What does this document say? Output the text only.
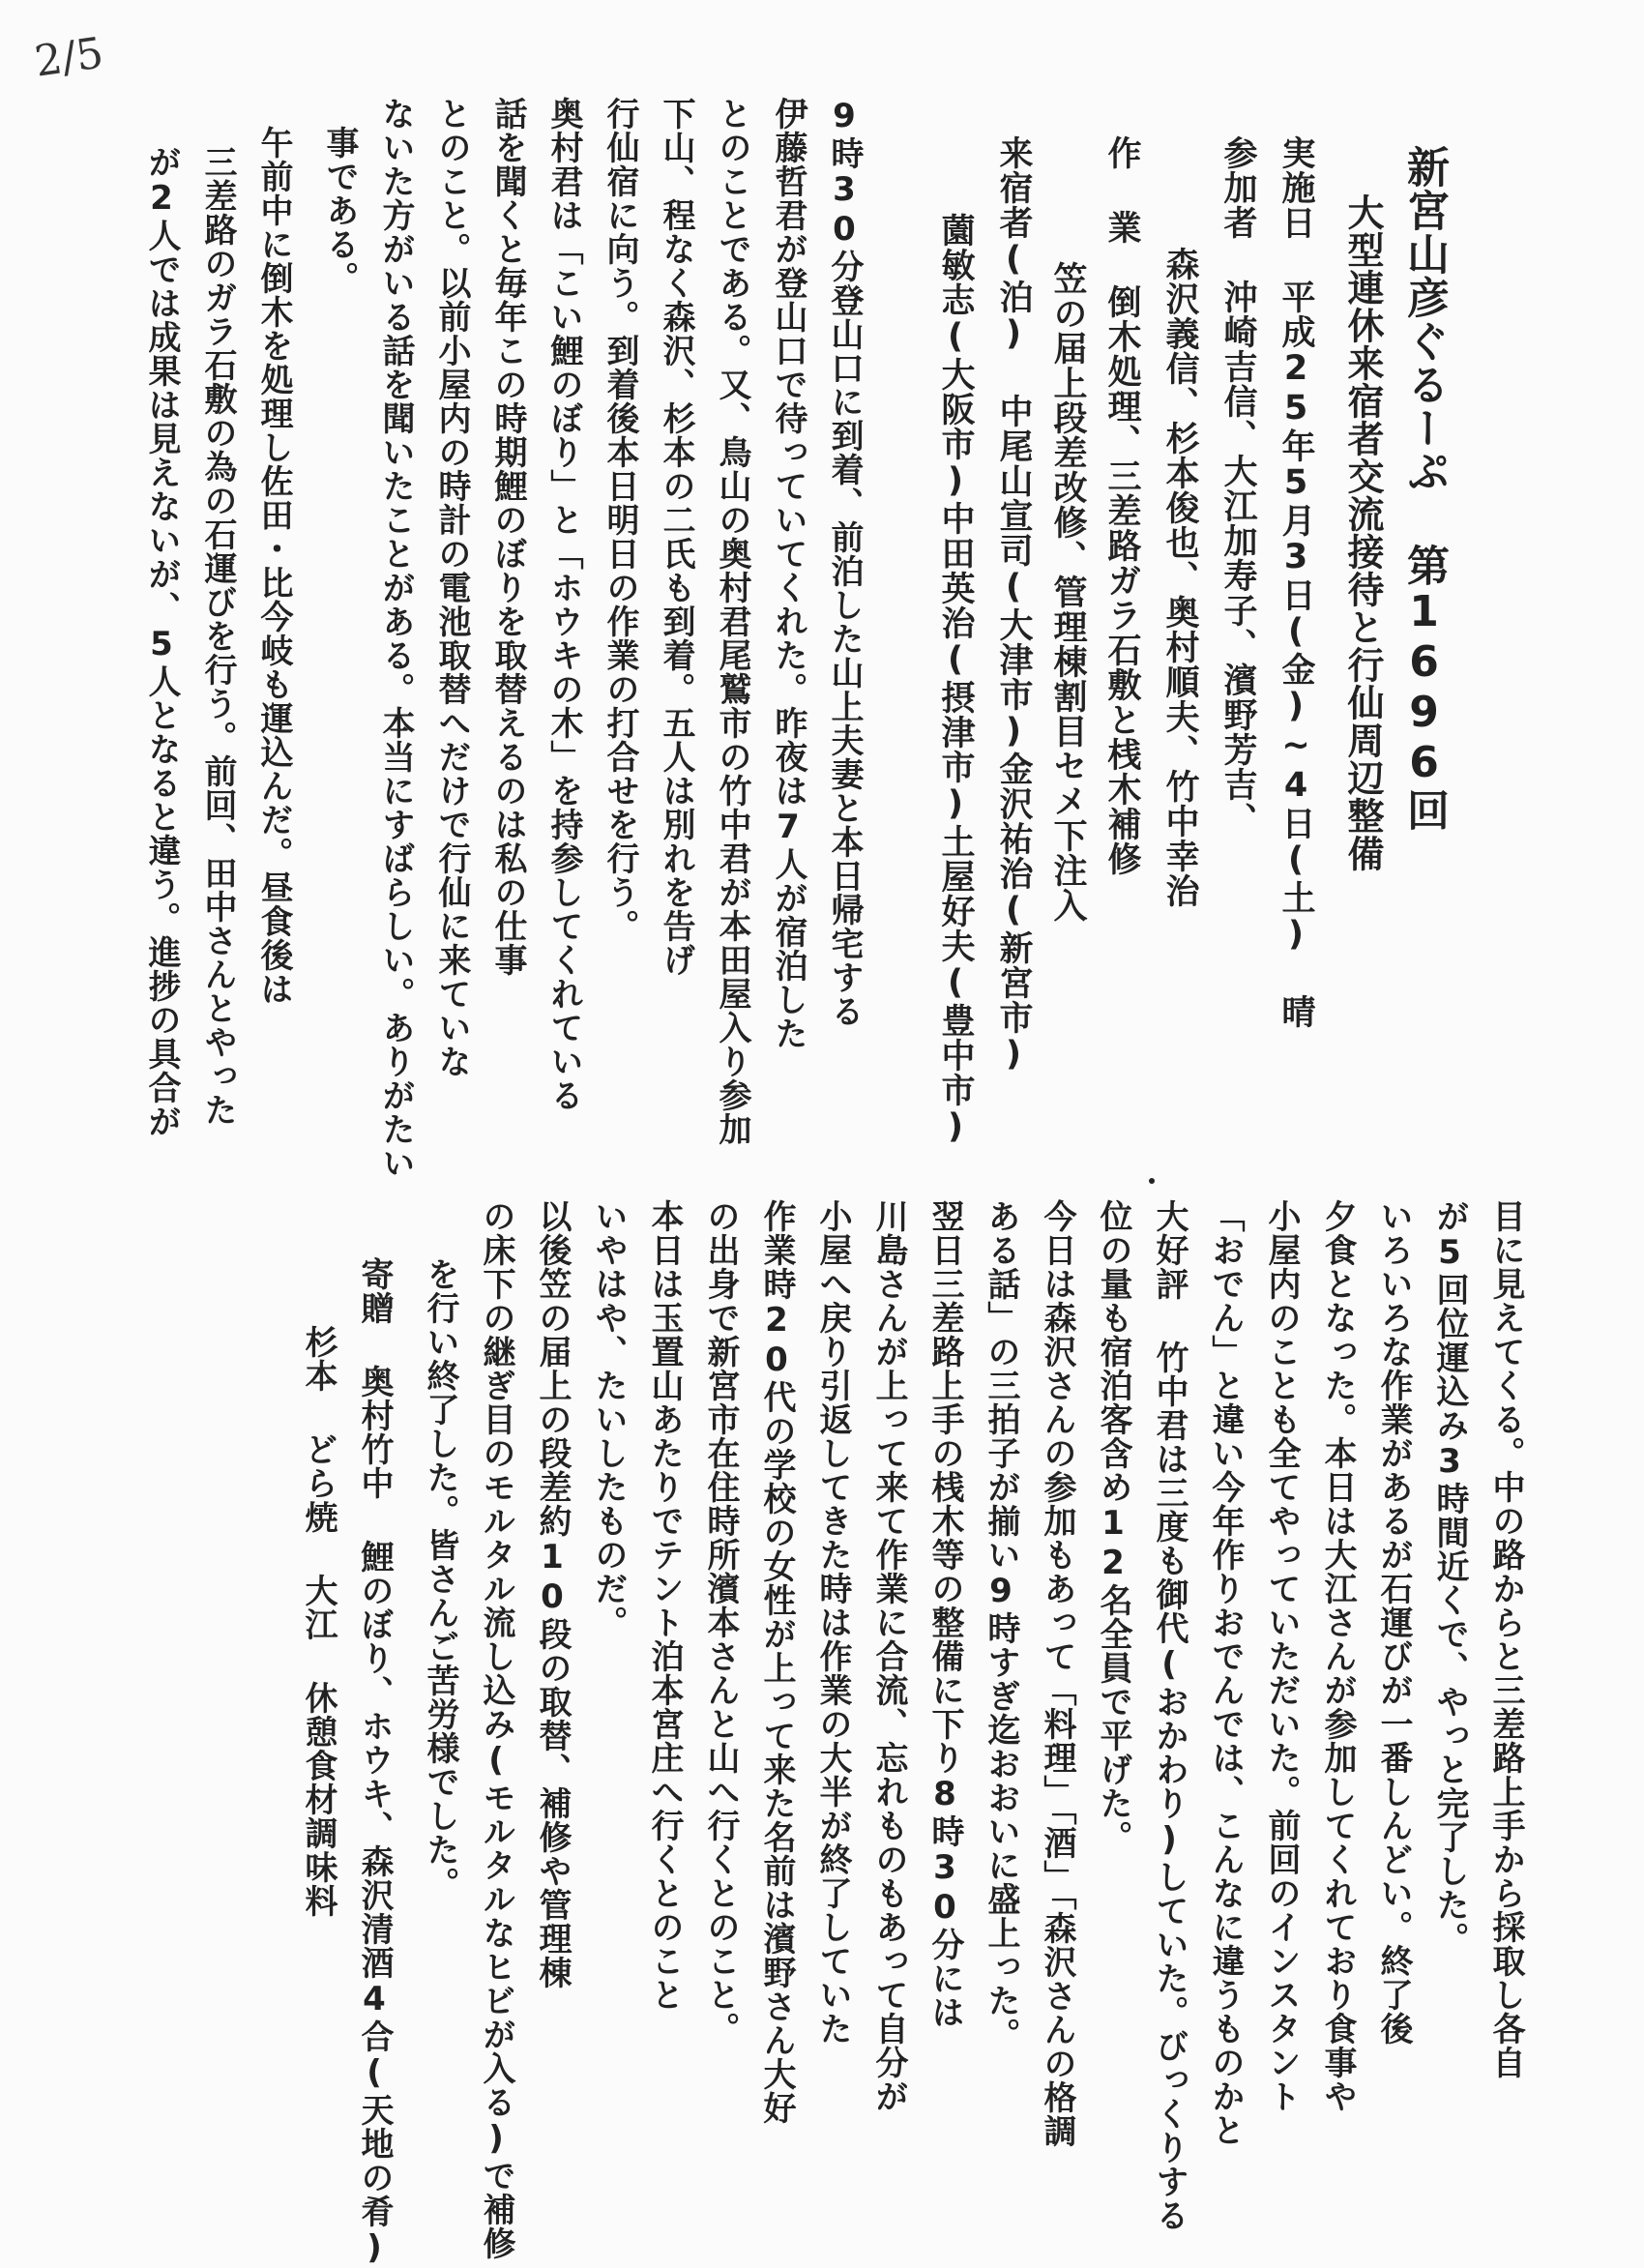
2/5
新宮山彦ぐるーぷ 第1696回
大型連休来宿者交流接待と行仙周辺整備
実施日 平成25年5月3日(金)~4日(土) 晴
参加者 沖崎吉信、大江加寿子、濱野芳吉、
森沢義信、杉本俊也、奥村順夫、竹中幸治
作 業 倒木処理、三差路ガラ石敷と桟木補修
笠の届上段差改修、管理棟割目セメ下注入
来宿者(泊) 中尾山宣司(大津市)金沢祐治(新宮市)
薗敏志(大阪市)中田英治(摂津市)土屋好夫(豊中市)
9時30分登山口に到着、前泊した山上夫妻と本日帰宅する
伊藤哲君が登山口で待っていてくれた。昨夜は7人が宿泊した
とのことである。又、鳥山の奥村君尾鷲市の竹中君が本田屋入り参加
下山、程なく森沢、杉本の二氏も到着。五人は別れを告げ
行仙宿に向う。到着後本日明日の作業の打合せを行う。
奥村君は「こい鯉のぼり」と「ホウキの木」を持参してくれている
話を聞くと毎年この時期鯉のぼりを取替えるのは私の仕事
とのこと。以前小屋内の時計の電池取替へだけで行仙に来ていな
ないた方がいる話を聞いたことがある。本当にすばらしい。ありがたい
事である。
午前中に倒木を処理し佐田・比今岐も運込んだ。昼食後は
三差路のガラ石敷の為の石運びを行う。前回、田中さんとやった
が2人では成果は見えないが、5人となると違う。進捗の具合が
目に見えてくる。中の路からと三差路上手から採取し各自
が5回位運込み3時間近くで、やっと完了した。
いろいろな作業があるが石運びが一番しんどい。終了後
夕食となった。本日は大江さんが参加してくれており食事や
小屋内のことも全てやっていただいた。前回のインスタント
「おでん」と違い今年作りおでんでは、こんなに違うものかと
大好評 竹中君は三度も御代(おかわり)していた。びっくりする
位の量も宿泊客含め12名全員で平げた。
今日は森沢さんの参加もあって「料理」「酒」「森沢さんの格調
ある話」の三拍子が揃い9時すぎ迄おおいに盛上った。
翌日三差路上手の桟木等の整備に下り8時30分には
川島さんが上って来て作業に合流、忘れものもあって自分が
小屋へ戻り引返してきた時は作業の大半が終了していた
作業時20代の学校の女性が上って来た名前は濱野さん大好
の出身で新宮市在住時所濱本さんと山へ行くとのこと。
本日は玉置山あたりでテント泊本宮庄へ行くとのこと
いやはや、たいしたものだ。
以後笠の届上の段差約10段の取替、補修や管理棟
の床下の継ぎ目のモルタル流し込み(モルタルなヒビが入る)で補修
を行い終了した。皆さんご苦労様でした。
寄贈 奥村竹中 鯉のぼり、ホウキ、森沢清酒4合(天地の肴)
杉本 どら焼 大江 休憩食材調味料
